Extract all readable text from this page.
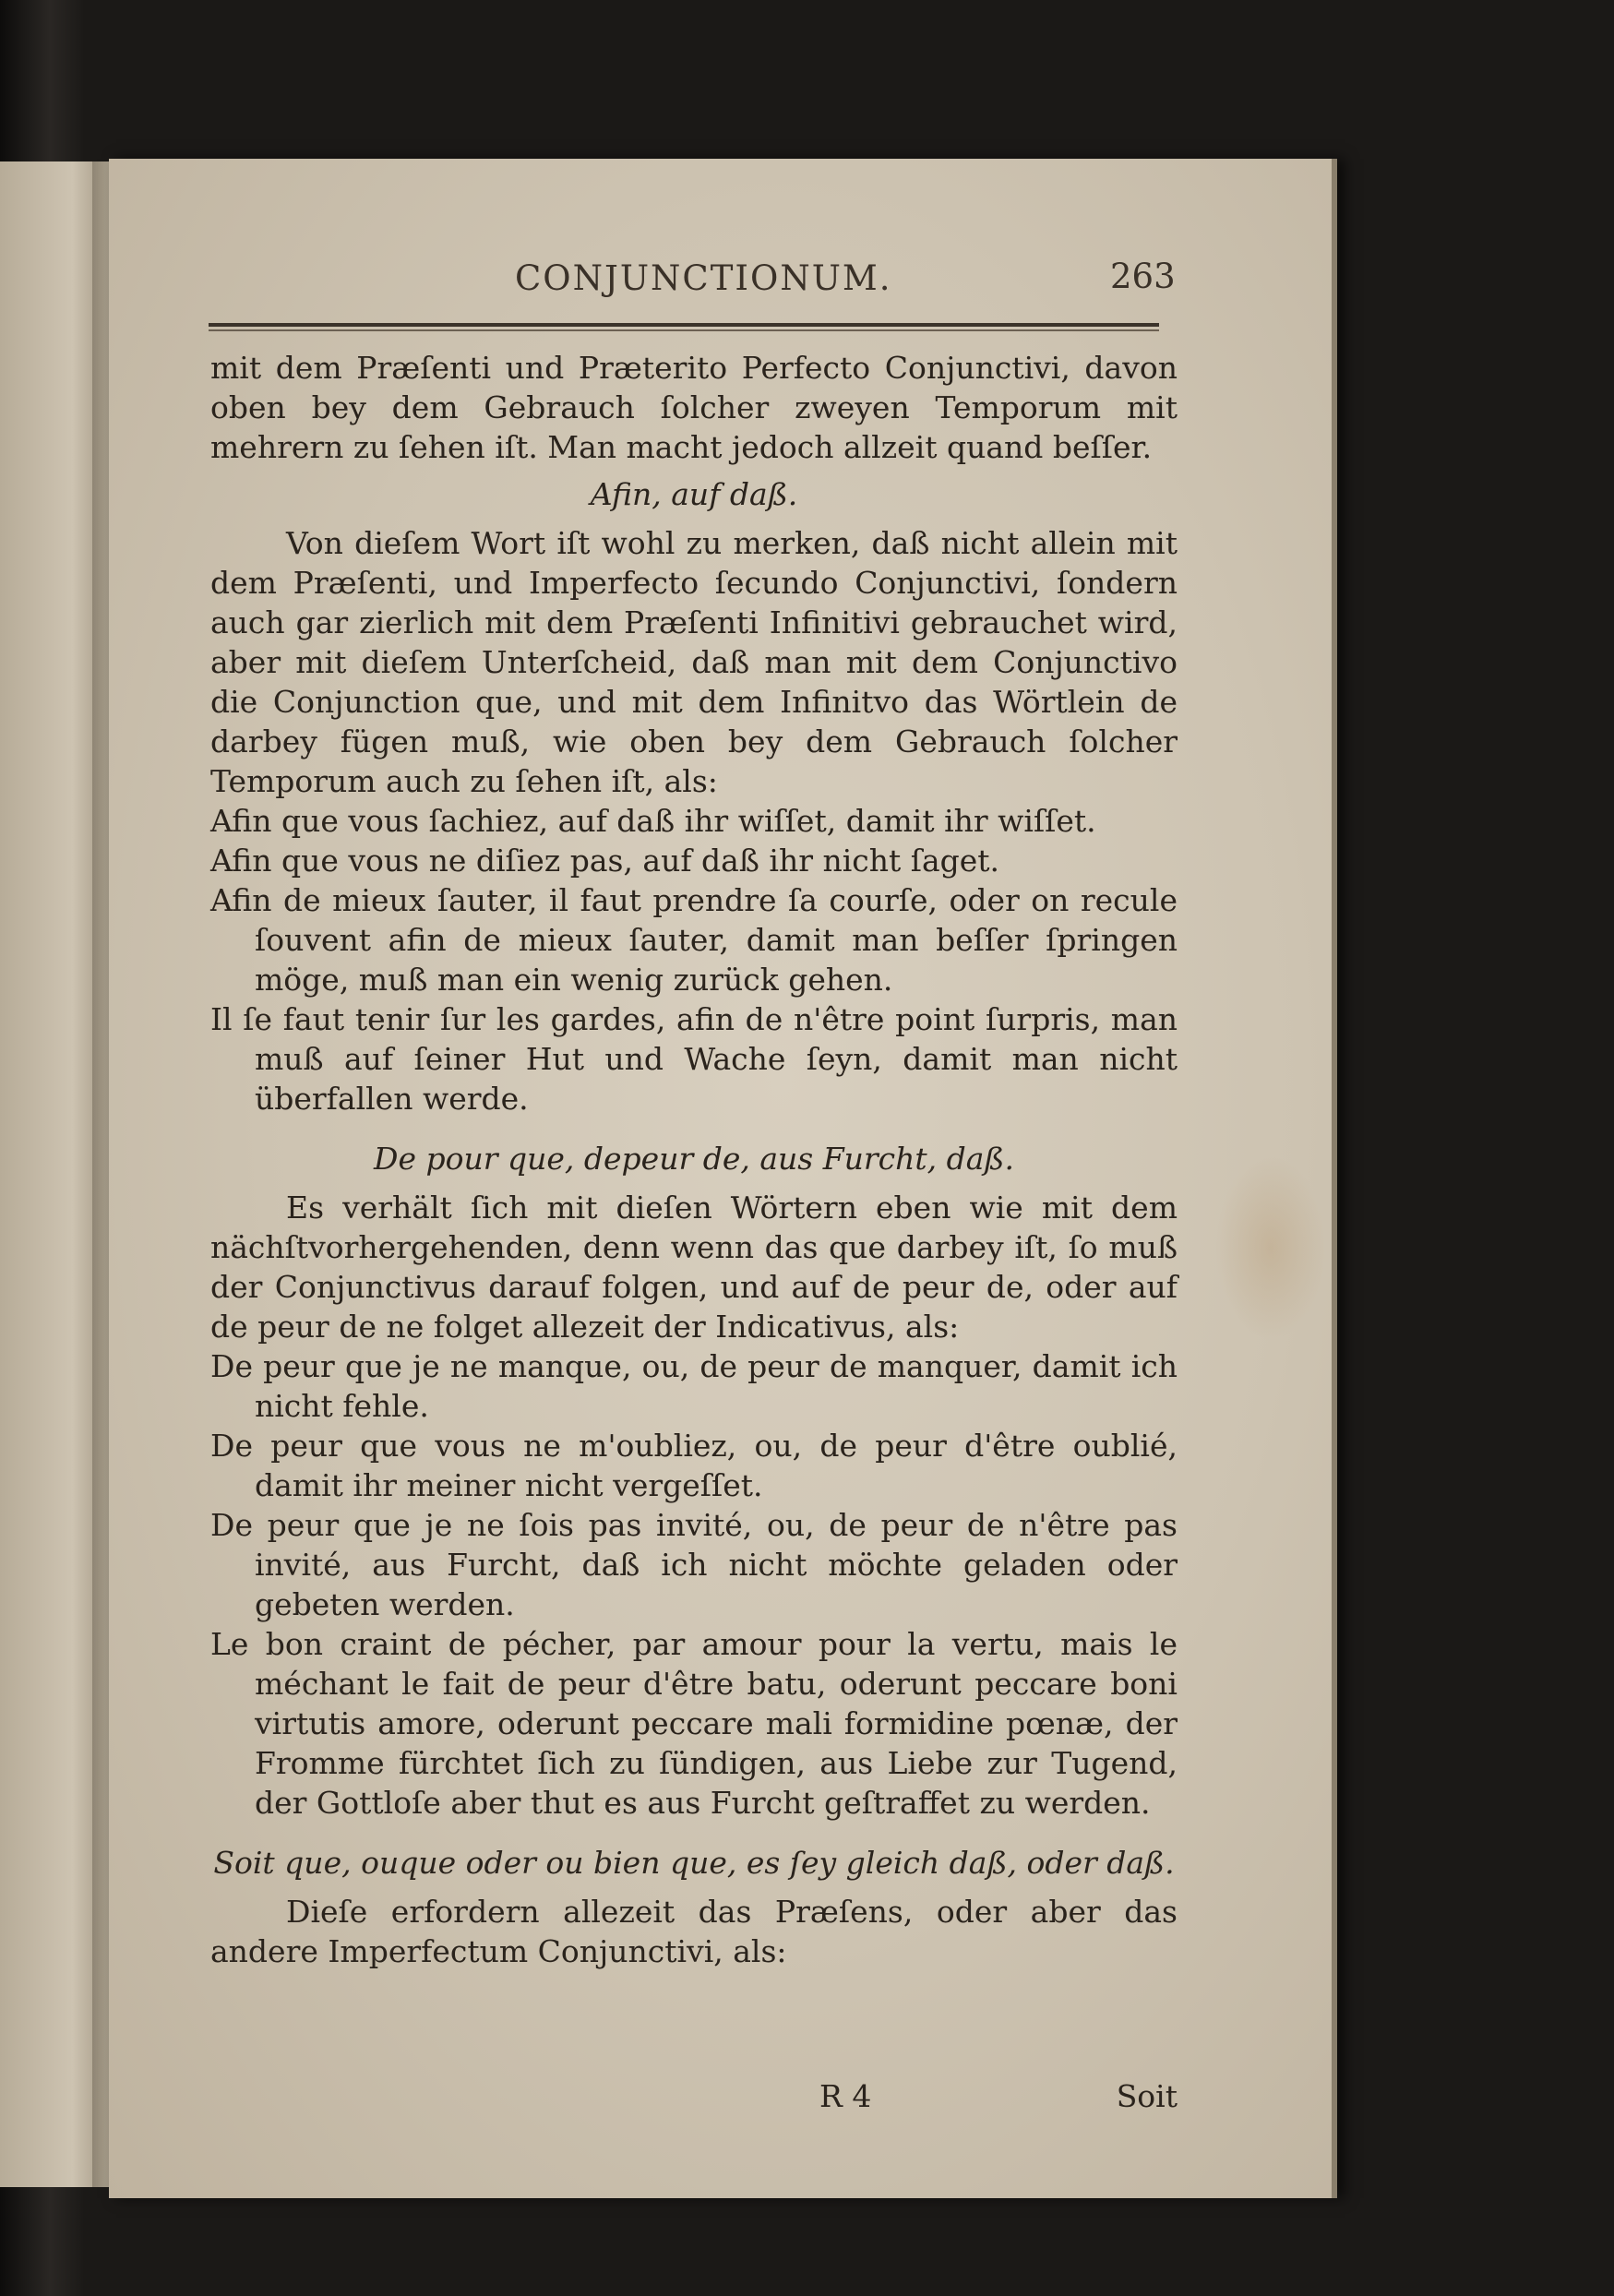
CONJUNCTIONUM.	263

mit dem Præſenti und Præterito Perfecto Conjunctivi, davon oben bey dem Gebrauch ſolcher zweyen Temporum mit mehrern zu ſehen iſt. Man macht jedoch allzeit quand beſſer.

Afin, auf daß.

Von dieſem Wort iſt wohl zu merken, daß nicht allein mit dem Præſenti, und Imperfecto ſecundo Conjunctivi, ſondern auch gar zierlich mit dem Præſenti Infinitivi gebrauchet wird, aber mit dieſem Unterſcheid, daß man mit dem Conjunctivo die Conjunction que, und mit dem Infinitvo das Wörtlein de darbey fügen muß, wie oben bey dem Gebrauch ſolcher Temporum auch zu ſehen iſt, als:

Afin que vous ſachiez, auf daß ihr wiſſet, damit ihr wiſſet.

Afin que vous ne diſiez pas, auf daß ihr nicht ſaget.

Afin de mieux ſauter, il faut prendre ſa courſe, oder on recule ſouvent afin de mieux ſauter, damit man beſſer ſpringen möge, muß man ein wenig zurück gehen.

Il ſe faut tenir ſur les gardes, afin de n'être point ſurpris, man muß auf ſeiner Hut und Wache ſeyn, damit man nicht überfallen werde.

De pour que, depeur de, aus Furcht, daß.

Es verhält ſich mit dieſen Wörtern eben wie mit dem nächſtvorhergehenden, denn wenn das que darbey iſt, ſo muß der Conjunctivus darauf folgen, und auf de peur de, oder auf de peur de ne folget allezeit der Indicativus, als:

De peur que je ne manque, ou, de peur de manquer, damit ich nicht fehle.

De peur que vous ne m'oubliez, ou, de peur d'être oublié, damit ihr meiner nicht vergeſſet.

De peur que je ne ſois pas invité, ou, de peur de n'être pas invité, aus Furcht, daß ich nicht möchte geladen oder gebeten werden.

Le bon craint de pécher, par amour pour la vertu, mais le méchant le fait de peur d'être batu, oderunt peccare boni virtutis amore, oderunt peccare mali formidine pœnæ, der Fromme fürchtet ſich zu ſündigen, aus Liebe zur Tugend, der Gottloſe aber thut es aus Furcht geſtraffet zu werden.

Soit que, ouque oder ou bien que, es ſey gleich daß, oder daß.

Dieſe erfordern allezeit das Præſens, oder aber das andere Imperfectum Conjunctivi, als:

R 4	Soit
